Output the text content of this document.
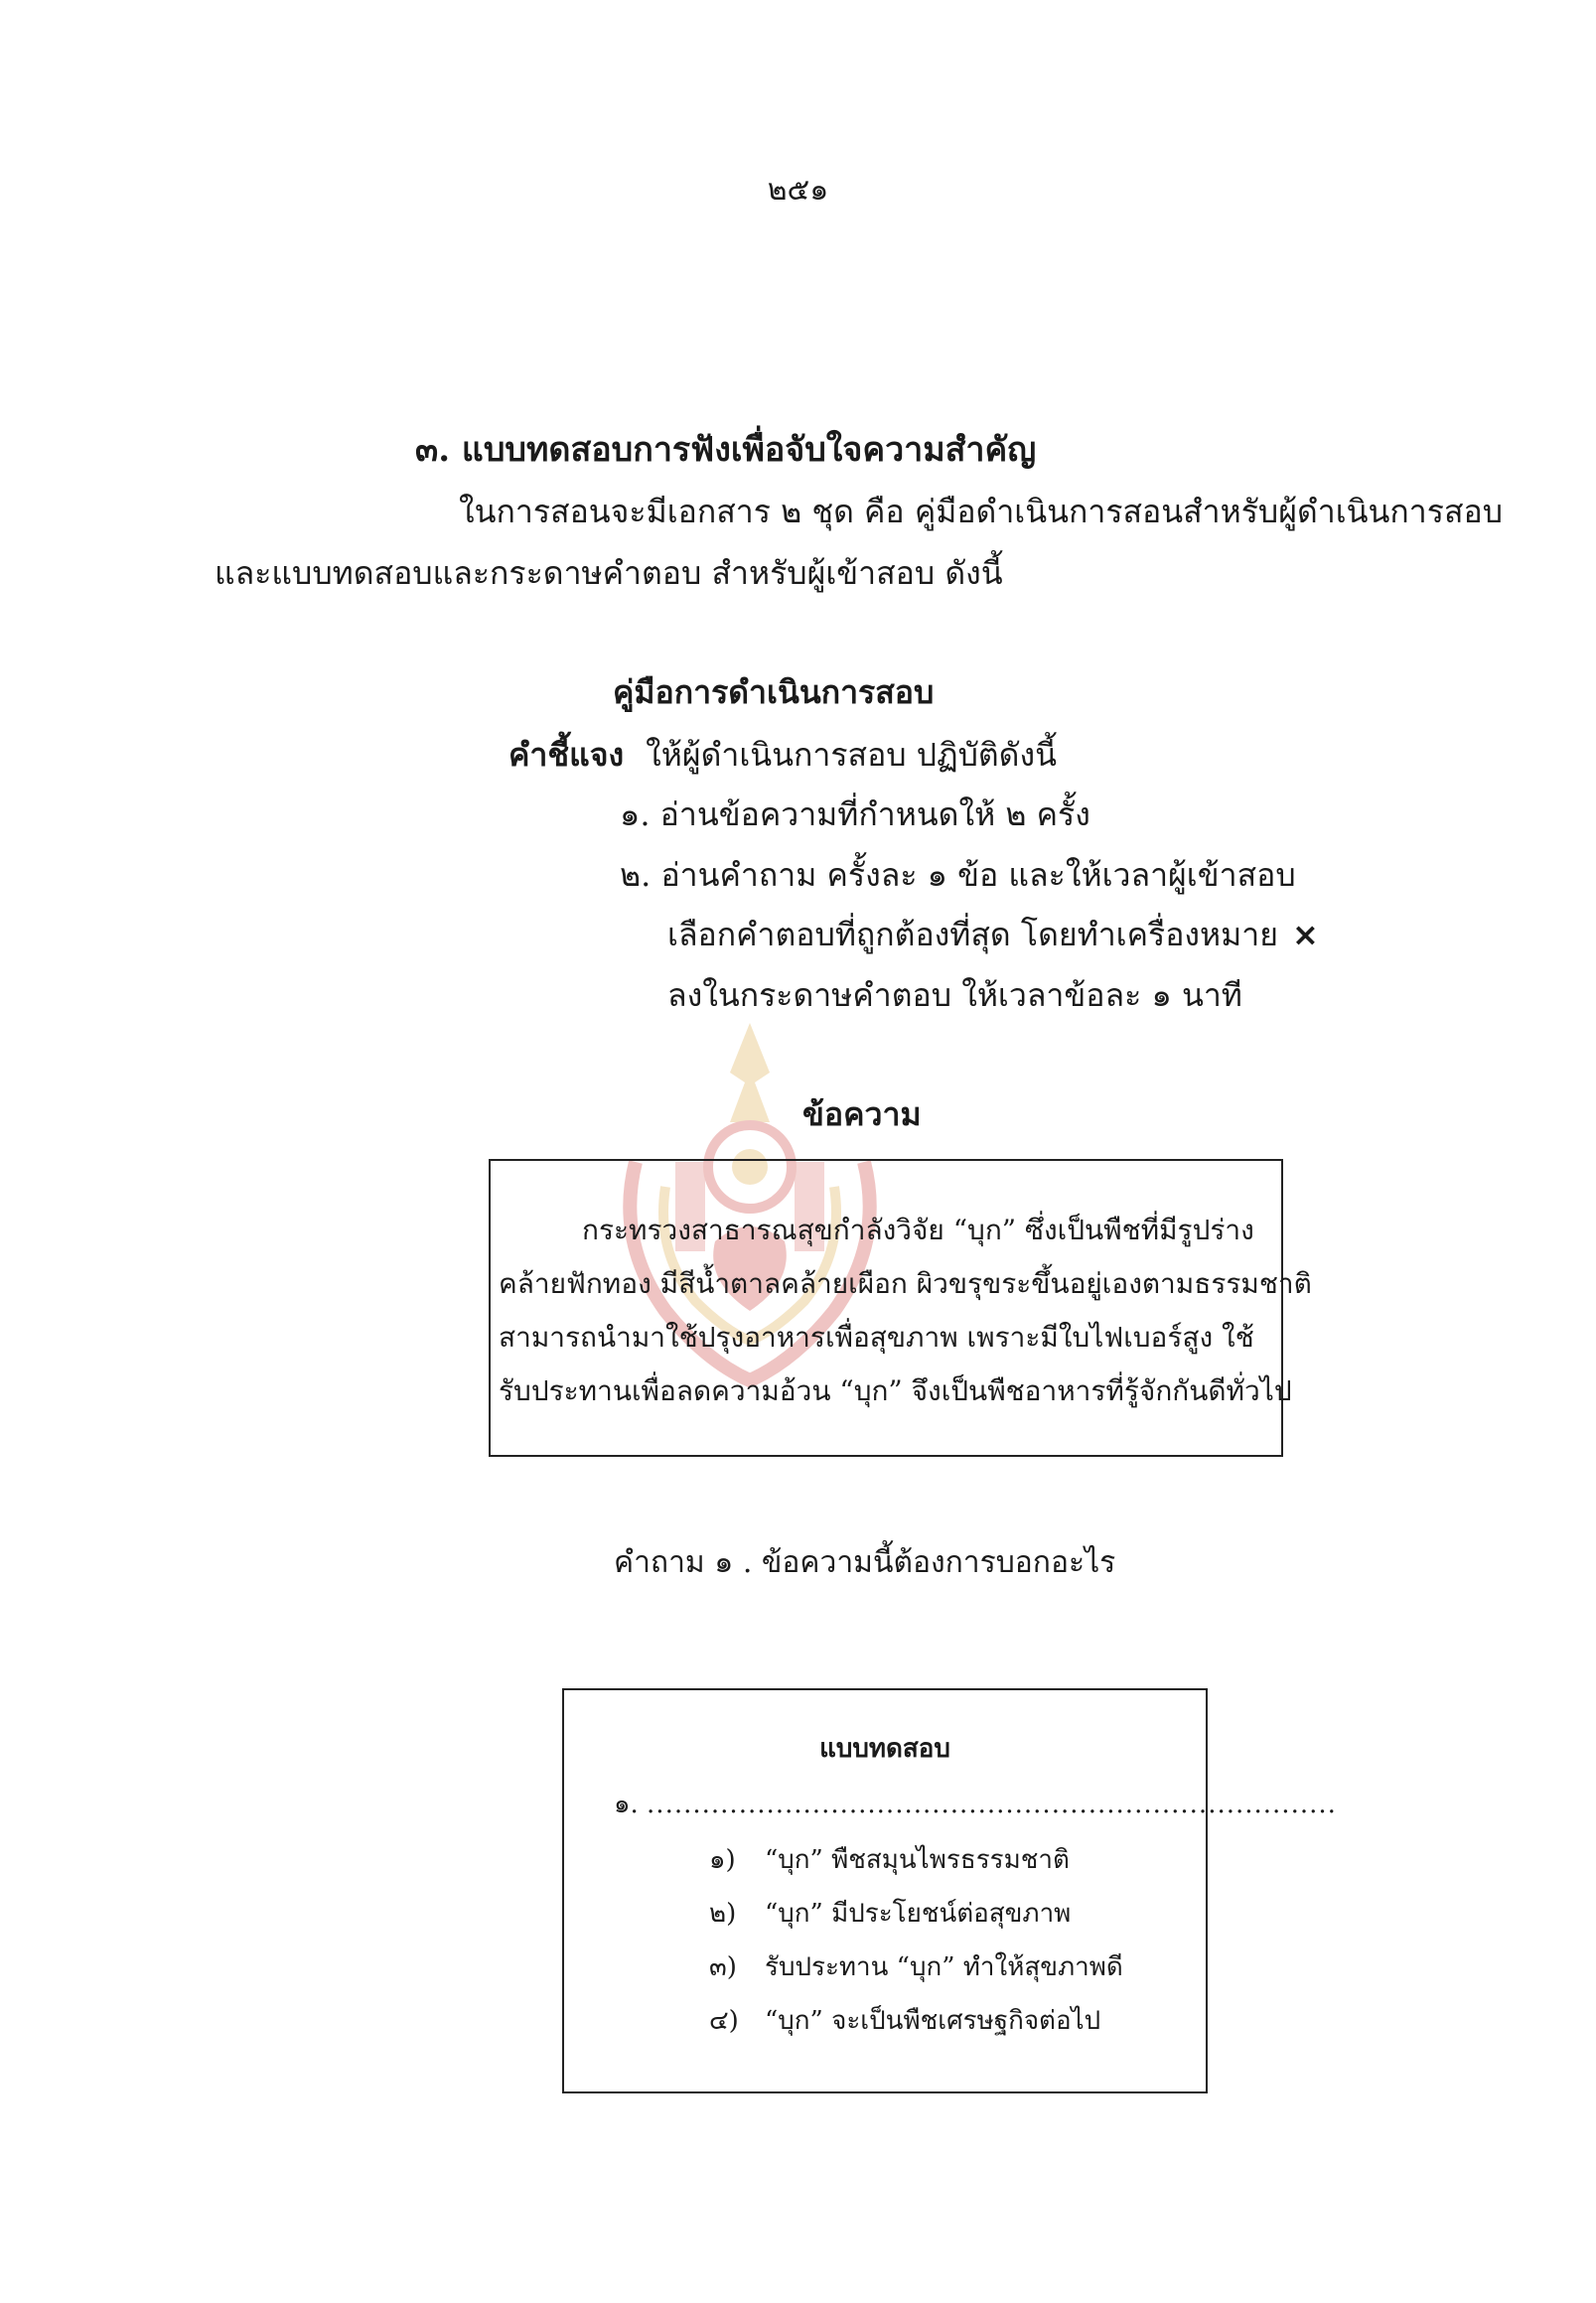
๒๕๑
๓. แบบทดสอบการฟังเพื่อจับใจความสำคัญ
ในการสอนจะมีเอกสาร ๒ ชุด คือ คู่มือดำเนินการสอนสำหรับผู้ดำเนินการสอบ
และแบบทดสอบและกระดาษคำตอบ สำหรับผู้เข้าสอบ ดังนี้
คู่มือการดำเนินการสอบ
คำชี้แจง ให้ผู้ดำเนินการสอบ ปฏิบัติดังนี้
๑. อ่านข้อความที่กำหนดให้ ๒ ครั้ง
๒. อ่านคำถาม ครั้งละ ๑ ข้อ และให้เวลาผู้เข้าสอบ
เลือกคำตอบที่ถูกต้องที่สุด โดยทำเครื่องหมาย ×
ลงในกระดาษคำตอบ ให้เวลาข้อละ ๑ นาที
ข้อความ
กระทรวงสาธารณสุขกำลังวิจัย “บุก” ซึ่งเป็นพืชที่มีรูปร่าง
คล้ายฟักทอง มีสีน้ำตาลคล้ายเผือก ผิวขรุขระขึ้นอยู่เองตามธรรมชาติ
สามารถนำมาใช้ปรุงอาหารเพื่อสุขภาพ เพราะมีใบไฟเบอร์สูง ใช้
รับประทานเพื่อลดความอ้วน “บุก” จึงเป็นพืชอาหารที่รู้จักกันดีทั่วไป
คำถาม ๑ . ข้อความนี้ต้องการบอกอะไร
แบบทดสอบ
๑. ...........................................................................
๑) “บุก” พืชสมุนไพรธรรมชาติ
๒) “บุก” มีประโยชน์ต่อสุขภาพ
๓) รับประทาน “บุก” ทำให้สุขภาพดี
๔) “บุก” จะเป็นพืชเศรษฐกิจต่อไป
